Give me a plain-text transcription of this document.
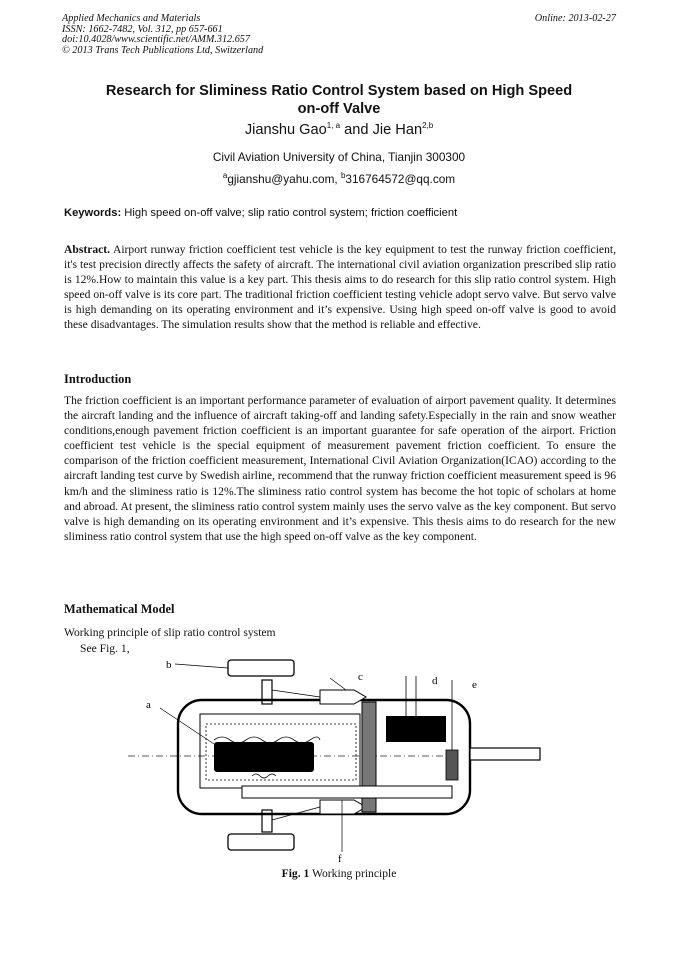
Applied Mechanics and Materials
ISSN: 1662-7482, Vol. 312, pp 657-661
doi:10.4028/www.scientific.net/AMM.312.657
© 2013 Trans Tech Publications Ltd, Switzerland
Online: 2013-02-27
Research for Sliminess Ratio Control System based on High Speed
on-off Valve
Jianshu Gao$^{1, a}$ and Jie Han$^{2,b}$
Civil Aviation University of China, Tianjin 300300
$^a$gjianshu@yahu.com, $^b$316764572@qq.com
Keywords: High speed on-off valve; slip ratio control system; friction coefficient
Abstract. Airport runway friction coefficient test vehicle is the key equipment to test the runway friction coefficient, it's test precision directly affects the safety of aircraft. The international civil aviation organization prescribed slip ratio is 12%.How to maintain this value is a key part. This thesis aims to do research for this slip ratio control system. High speed on-off valve is its core part. The traditional friction coefficient testing vehicle adopt servo valve. But servo valve is high demanding on its operating environment and it’s expensive. Using high speed on-off valve is good to avoid these disadvantages. The simulation results show that the method is reliable and effective.
Introduction
The friction coefficient is an important performance parameter of evaluation of airport pavement quality. It determines the aircraft landing and the influence of aircraft taking-off and landing safety.Especially in the rain and snow weather conditions,enough pavement friction coefficient is an important guarantee for safe operation of the airport. Friction coefficient test vehicle is the special equipment of measurement pavement friction coefficient. To ensure the comparison of the friction coefficient measurement, International Civil Aviation Organization(ICAO) according to the aircraft landing test curve by Swedish airline, recommend that the runway friction coefficient measurement speed is 96 km/h and the sliminess ratio is 12%.The sliminess ratio control system has become the hot topic of scholars at home and abroad. At present, the sliminess ratio control system mainly uses the servo valve as the key component. But servo valve is high demanding on its operating environment and it’s expensive. This thesis aims to do research for the new sliminess ratio control system that use the high speed on-off valve as the key component.
Mathematical Model
Working principle of slip ratio control system
See Fig. 1,
a
b
c	d	e
f
Fig. 1 Working principle
